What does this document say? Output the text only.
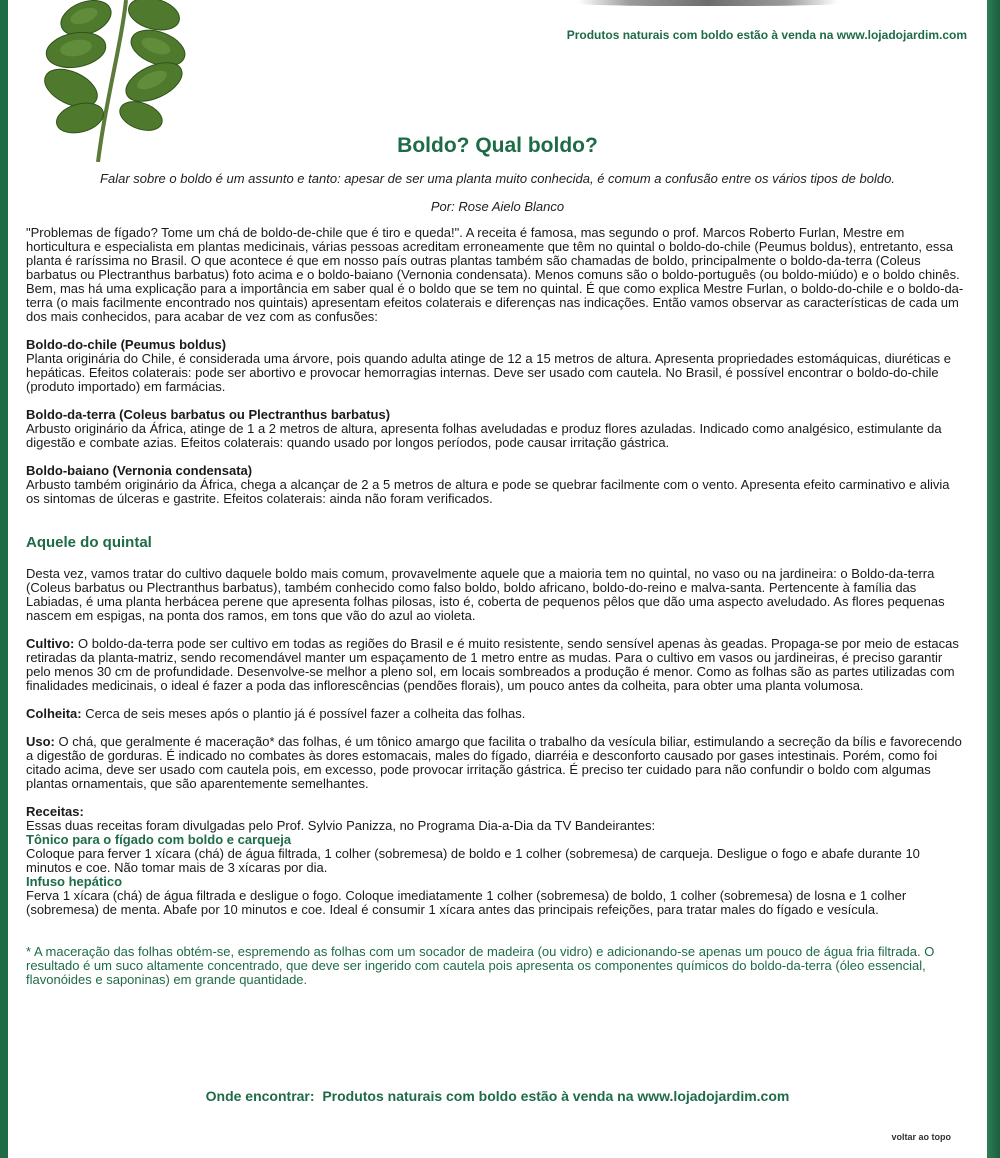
Produtos naturais com boldo estão à venda na www.lojadojardim.com
Boldo? Qual boldo?
Falar sobre o boldo é um assunto e tanto: apesar de ser uma planta muito conhecida, é comum a confusão entre os vários tipos de boldo.
Por: Rose Aielo Blanco

"Problemas de fígado? Tome um chá de boldo-de-chile que é tiro e queda!". A receita é famosa, mas segundo o prof. Marcos Roberto Furlan, Mestre em horticultura e especialista em plantas medicinais, várias pessoas acreditam erroneamente que têm no quintal o boldo-do-chile (Peumus boldus), entretanto, essa planta é raríssima no Brasil. O que acontece é que em nosso país outras plantas também são chamadas de boldo, principalmente o boldo-da-terra (Coleus barbatus ou Plectranthus barbatus) foto acima e o boldo-baiano (Vernonia condensata). Menos comuns são o boldo-português (ou boldo-miúdo) e o boldo chinês.
Bem, mas há uma explicação para a importância em saber qual é o boldo que se tem no quintal. É que como explica Mestre Furlan, o boldo-do-chile e o boldo-da-terra (o mais facilmente encontrado nos quintais) apresentam efeitos colaterais e diferenças nas indicações. Então vamos observar as características de cada um dos mais conhecidos, para acabar de vez com as confusões:

Boldo-do-chile (Peumus boldus)
Planta originária do Chile, é considerada uma árvore, pois quando adulta atinge de 12 a 15 metros de altura. Apresenta propriedades estomáquicas, diuréticas e hepáticas. Efeitos colaterais: pode ser abortivo e provocar hemorragias internas. Deve ser usado com cautela. No Brasil, é possível encontrar o boldo-do-chile (produto importado) em farmácias.

Boldo-da-terra (Coleus barbatus ou Plectranthus barbatus)
Arbusto originário da África, atinge de 1 a 2 metros de altura, apresenta folhas aveludadas e produz flores azuladas. Indicado como analgésico, estimulante da digestão e combate azias. Efeitos colaterais: quando usado por longos períodos, pode causar irritação gástrica.

Boldo-baiano (Vernonia condensata)
Arbusto também originário da África, chega a alcançar de 2 a 5 metros de altura e pode se quebrar facilmente com o vento. Apresenta efeito carminativo e alivia os sintomas de úlceras e gastrite. Efeitos colaterais: ainda não foram verificados.

Aquele do quintal

Desta vez, vamos tratar do cultivo daquele boldo mais comum, provavelmente aquele que a maioria tem no quintal, no vaso ou na jardineira: o Boldo-da-terra (Coleus barbatus ou Plectranthus barbatus), também conhecido como falso boldo, boldo africano, boldo-do-reino e malva-santa. Pertencente à família das Labiadas, é uma planta herbácea perene que apresenta folhas pilosas, isto é, coberta de pequenos pêlos que dão uma aspecto aveludado. As flores pequenas nascem em espigas, na ponta dos ramos, em tons que vão do azul ao violeta.

Cultivo: O boldo-da-terra pode ser cultivo em todas as regiões do Brasil e é muito resistente, sendo sensível apenas às geadas. Propaga-se por meio de estacas retiradas da planta-matriz, sendo recomendável manter um espaçamento de 1 metro entre as mudas. Para o cultivo em vasos ou jardineiras, é preciso garantir pelo menos 30 cm de profundidade. Desenvolve-se melhor a pleno sol, em locais sombreados a produção é menor. Como as folhas são as partes utilizadas com finalidades medicinais, o ideal é fazer a poda das inflorescências (pendões florais), um pouco antes da colheita, para obter uma planta volumosa.

Colheita: Cerca de seis meses após o plantio já é possível fazer a colheita das folhas.

Uso: O chá, que geralmente é maceração* das folhas, é um tônico amargo que facilita o trabalho da vesícula biliar, estimulando a secreção da bílis e favorecendo a digestão de gorduras. É indicado no combates às dores estomacais, males do fígado, diarréia e desconforto causado por gases intestinais. Porém, como foi citado acima, deve ser usado com cautela pois, em excesso, pode provocar irritação gástrica. É preciso ter cuidado para não confundir o boldo com algumas plantas ornamentais, que são aparentemente semelhantes.

Receitas:
Essas duas receitas foram divulgadas pelo Prof. Sylvio Panizza, no Programa Dia-a-Dia da TV Bandeirantes:
Tônico para o fígado com boldo e carqueja
Coloque para ferver 1 xícara (chá) de água filtrada, 1 colher (sobremesa) de boldo e 1 colher (sobremesa) de carqueja. Desligue o fogo e abafe durante 10 minutos e coe. Não tomar mais de 3 xícaras por dia.
Infuso hepático
Ferva 1 xícara (chá) de água filtrada e desligue o fogo. Coloque imediatamente 1 colher (sobremesa) de boldo, 1 colher (sobremesa) de losna e 1 colher (sobremesa) de menta. Abafe por 10 minutos e coe. Ideal é consumir 1 xícara antes das principais refeições, para tratar males do fígado e vesícula.

* A maceração das folhas obtém-se, espremendo as folhas com um socador de madeira (ou vidro) e adicionando-se apenas um pouco de água fria filtrada. O resultado é um suco altamente concentrado, que deve ser ingerido com cautela pois apresenta os componentes químicos do boldo-da-terra (óleo essencial, flavonóides e saponinas) em grande quantidade.

Onde encontrar: Produtos naturais com boldo estão à venda na www.lojadojardim.com
voltar ao topo
